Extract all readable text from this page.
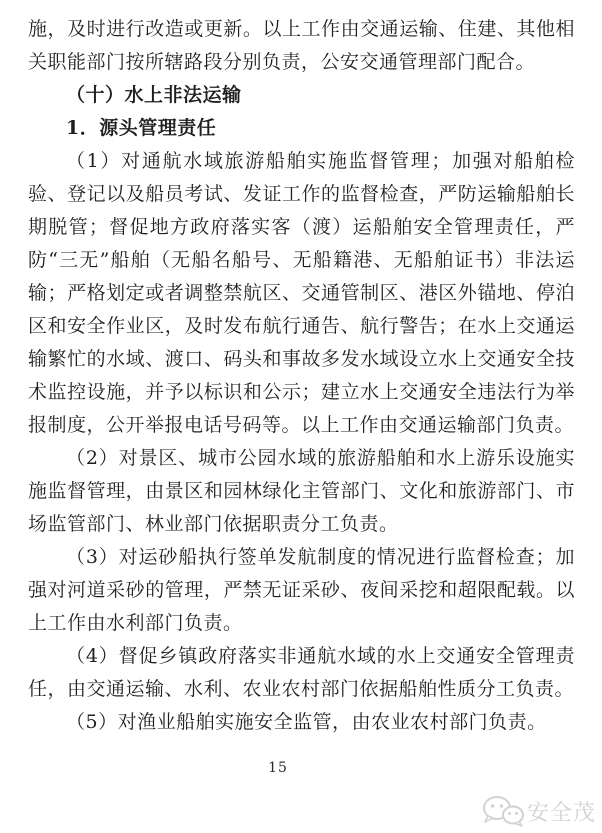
施，及时进行改造或更新。以上工作由交通运输、住建、其他相关职能部门按所辖路段分别负责，公安交通管理部门配合。

（十）水上非法运输

1．源头管理责任

（1）对通航水域旅游船舶实施监督管理；加强对船舶检验、登记以及船员考试、发证工作的监督检查，严防运输船舶长期脱管；督促地方政府落实客（渡）运船舶安全管理责任，严防“三无”船舶（无船名船号、无船籍港、无船舶证书）非法运输；严格划定或者调整禁航区、交通管制区、港区外锚地、停泊区和安全作业区，及时发布航行通告、航行警告；在水上交通运输繁忙的水域、渡口、码头和事故多发水域设立水上交通安全技术监控设施，并予以标识和公示；建立水上交通安全违法行为举报制度，公开举报电话号码等。以上工作由交通运输部门负责。

（2）对景区、城市公园水域的旅游船舶和水上游乐设施实施监督管理，由景区和园林绿化主管部门、文化和旅游部门、市场监管部门、林业部门依据职责分工负责。

（3）对运砂船执行签单发航制度的情况进行监督检查；加强对河道采砂的管理，严禁无证采砂、夜间采挖和超限配载。以上工作由水利部门负责。

（4）督促乡镇政府落实非通航水域的水上交通安全管理责任，由交通运输、水利、农业农村部门依据船舶性质分工负责。

（5）对渔业船舶实施安全监管，由农业农村部门负责。

15
安全茂
